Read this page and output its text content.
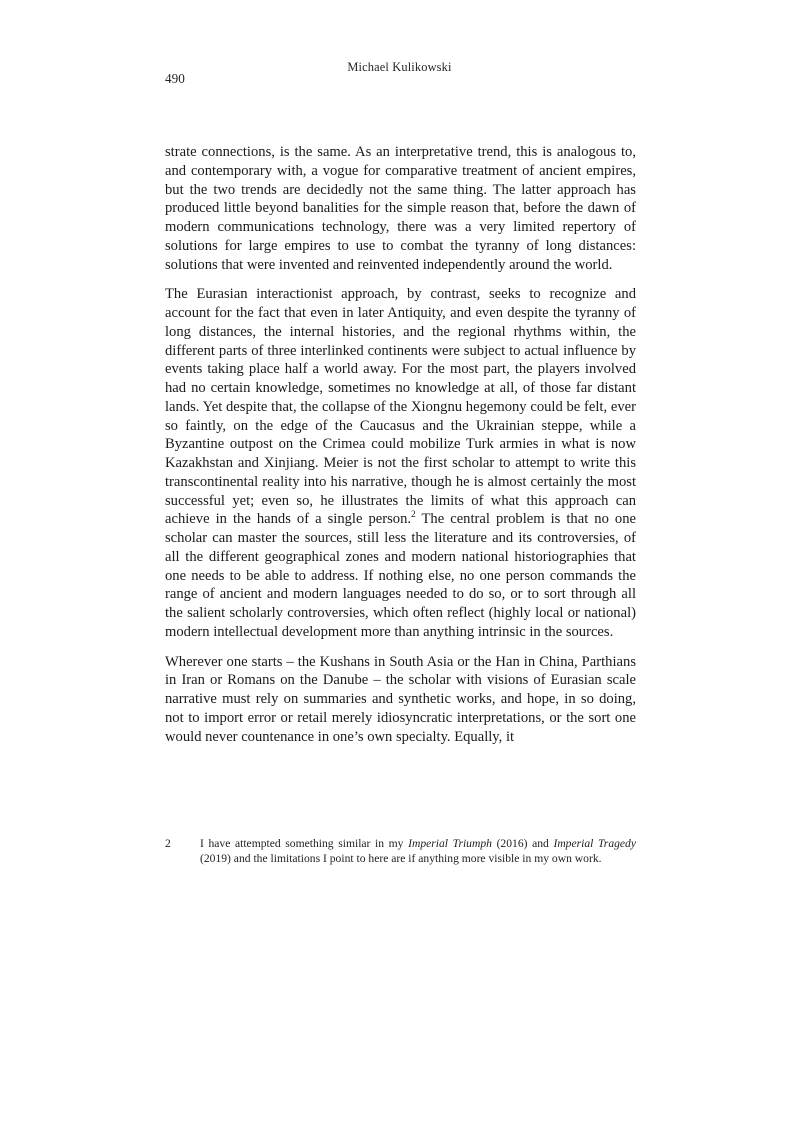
Michael Kulikowski
490

strate connections, is the same. As an interpretative trend, this is analogous to, and contemporary with, a vogue for comparative treatment of ancient empires, but the two trends are decidedly not the same thing. The latter approach has produced little beyond banalities for the simple reason that, before the dawn of modern communications technology, there was a very limited repertory of solutions for large empires to use to combat the tyranny of long distances: solutions that were invented and reinvented independently around the world.

The Eurasian interactionist approach, by contrast, seeks to recognize and account for the fact that even in later Antiquity, and even despite the tyranny of long distances, the internal histories, and the regional rhythms within, the different parts of three interlinked continents were subject to actual influence by events taking place half a world away. For the most part, the players involved had no certain knowledge, sometimes no knowledge at all, of those far distant lands. Yet despite that, the collapse of the Xiongnu hegemony could be felt, ever so faintly, on the edge of the Caucasus and the Ukrainian steppe, while a Byzantine outpost on the Crimea could mobilize Turk armies in what is now Kazakhstan and Xinjiang. Meier is not the first scholar to attempt to write this transcontinental reality into his narrative, though he is almost certainly the most successful yet; even so, he illustrates the limits of what this approach can achieve in the hands of a single person.$^2$ The central problem is that no one scholar can master the sources, still less the literature and its controversies, of all the different geographical zones and modern national historiographies that one needs to be able to address. If nothing else, no one person commands the range of ancient and modern languages needed to do so, or to sort through all the salient scholarly controversies, which often reflect (highly local or national) modern intellectual development more than anything intrinsic in the sources.

Wherever one starts – the Kushans in South Asia or the Han in China, Parthians in Iran or Romans on the Danube – the scholar with visions of Eurasian scale narrative must rely on summaries and synthetic works, and hope, in so doing, not to import error or retail merely idiosyncratic interpretations, or the sort one would never countenance in one’s own specialty. Equally, it

2	I have attempted something similar in my Imperial Triumph (2016) and Imperial Tragedy (2019) and the limitations I point to here are if anything more visible in my own work.
